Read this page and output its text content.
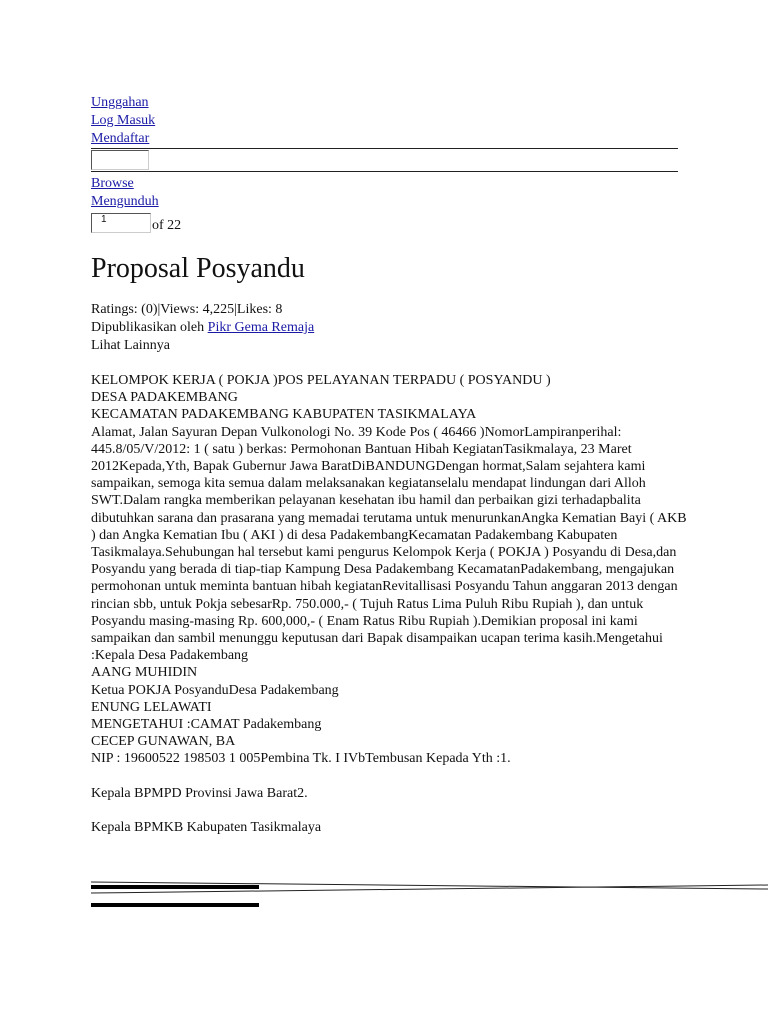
Unggahan
Log Masuk
Mendaftar
Browse
Mengunduh
1
of 22
Proposal Posyandu
Ratings: (0)|Views: 4,225|Likes: 8
Dipublikasikan oleh Pikr Gema Remaja
Lihat Lainnya

KELOMPOK KERJA ( POKJA )POS PELAYANAN TERPADU ( POSYANDU )

DESA PADAKEMBANG

KECAMATAN PADAKEMBANG KABUPATEN TASIKMALAYA

Alamat, Jalan Sayuran Depan Vulkonologi No. 39 Kode Pos ( 46466 )NomorLampiranperihal: 445.8/05/V/2012: 1 ( satu ) berkas: Permohonan Bantuan Hibah KegiatanTasikmalaya, 23 Maret 2012Kepada,Yth, Bapak Gubernur Jawa BaratDiBANDUNGDengan hormat,Salam sejahtera kami sampaikan, semoga kita semua dalam melaksanakan kegiatanselalu mendapat lindungan dari Alloh SWT.Dalam rangka memberikan pelayanan kesehatan ibu hamil dan perbaikan gizi terhadapbalita dibutuhkan sarana dan prasarana yang memadai terutama untuk menurunkanAngka Kematian Bayi ( AKB ) dan Angka Kematian Ibu ( AKI ) di desa PadakembangKecamatan Padakembang Kabupaten Tasikmalaya.Sehubungan hal tersebut kami pengurus Kelompok Kerja ( POKJA ) Posyandu di Desa,dan Posyandu yang berada di tiap-tiap Kampung Desa Padakembang KecamatanPadakembang, mengajukan permohonan untuk meminta bantuan hibah kegiatanRevitallisasi Posyandu Tahun anggaran 2013 dengan rincian sbb, untuk Pokja sebesarRp. 750.000,- ( Tujuh Ratus Lima Puluh Ribu Rupiah ), dan untuk Posyandu masing-masing Rp. 600,000,- ( Enam Ratus Ribu Rupiah ).Demikian proposal ini kami sampaikan dan sambil menunggu keputusan dari Bapak disampaikan ucapan terima kasih.Mengetahui :Kepala Desa Padakembang

AANG MUHIDIN

Ketua POKJA PosyanduDesa Padakembang

ENUNG LELAWATI

MENGETAHUI :CAMAT Padakembang

CECEP GUNAWAN, BA

NIP : 19600522 198503 1 005Pembina Tk. I IVbTembusan Kepada Yth :1.

Kepala BPMPD Provinsi Jawa Barat2.

Kepala BPMKB Kabupaten Tasikmalaya
